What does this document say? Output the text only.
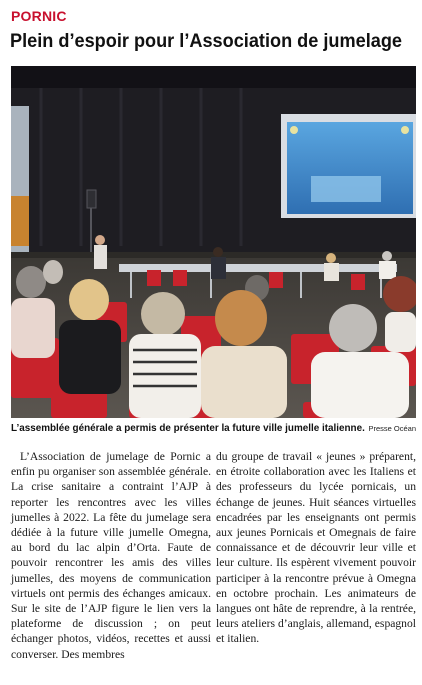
PORNIC
Plein d’espoir pour l’Association de jumelage
L’assemblée générale a permis de présenter la future ville jumelle italienne. Presse Océan
L’Association de jumelage de Pornic a enfin pu organiser son assemblée générale. La crise sanitaire a contraint l’AJP à reporter les rencontres avec les villes jumelles à 2022. La fête du jumelage sera dédiée à la future ville jumelle Omegna, au bord du lac alpin d’Orta. Faute de pouvoir rencontrer les amis des villes jumelles, des moyens de communication virtuels ont permis des échanges amicaux. Sur le site de l’AJP figure le lien vers la plateforme de discussion ; on peut échanger photos, vidéos, recettes et aussi converser. Des membres
du groupe de travail « jeunes » préparent, en étroite collaboration avec les Italiens et des professeurs du lycée pornicais, un échange de jeunes. Huit séances virtuelles encadrées par les enseignants ont permis aux jeunes Pornicais et Omegnais de faire connaissance et de découvrir leur ville et leur culture. Ils espèrent vivement pouvoir participer à la rencontre prévue à Omegna en octobre prochain. Les animateurs de langues ont hâte de reprendre, à la rentrée, leurs ateliers d’anglais, allemand, espagnol et italien.
